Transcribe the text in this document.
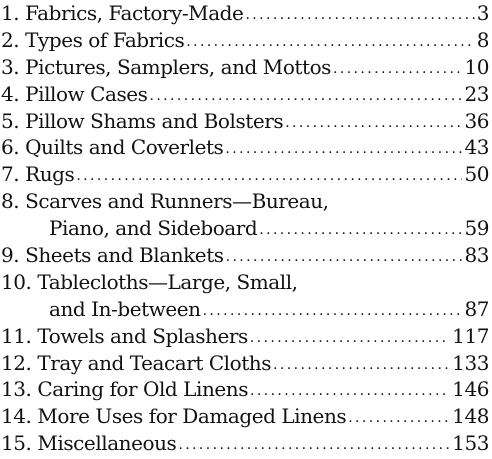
1.
Fabrics, Factory-Made .....	3
2.
Types of Fabrics .....	8
3.
Pictures, Samplers, and Mottos .....	10
4.
Pillow Cases .....	23
5.
Pillow Shams and Bolsters .....	36
6.
Quilts and Coverlets .....	43
7.
Rugs .....	50
8.
Scarves and Runners—Bureau,
Piano, and Sideboard .....	59
9.
Sheets and Blankets .....	83
10.
Tablecloths—Large, Small,
and In-between .....	87
11.
Towels and Splashers .....	117
12.
Tray and Teacart Cloths .....	133
13.
Caring for Old Linens .....	146
14.
More Uses for Damaged Linens .....	148
15.
Miscellaneous .....	153
